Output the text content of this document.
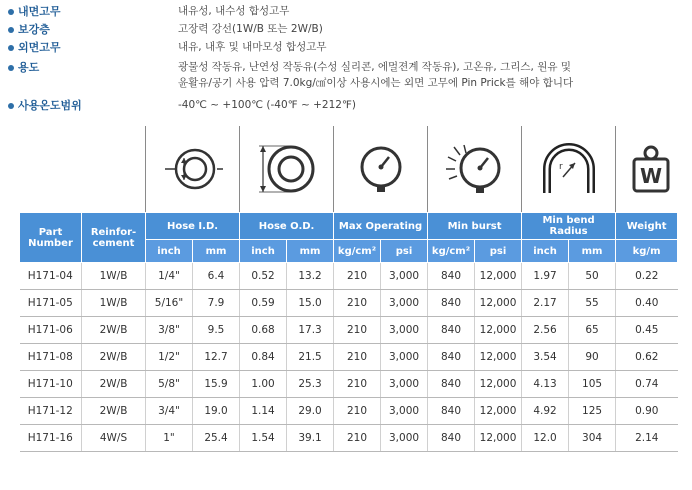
내면고무	내유성, 내수성 합성고무
보강층	고장력 강선(1W/B 또는 2W/B)
외면고무	내유, 내후 및 내마모성 합성고무
용도	광물성 작동유, 난연성 작동유(수성 실리콘, 에멀젼계 작동유), 고온유, 그리스, 원유 및
윤활유/공기 사용 압력 7.0kg/㎠이상 사용시에는 외면 고무에 Pin Prick를 해야 합니다
사용온도범위	-40℃ ~ +100℃ (-40℉ ~ +212℉)
r	W
Part Number	Reinfor-cement	Hose I.D.		Hose O.D.		Max Operating		Min burst		Min bend Radius		Weight
		inch	mm	inch	mm	kg/cm²	psi	kg/cm²	psi	inch	mm	kg/m
H171-04	1W/B	1/4"	6.4	0.52	13.2	210	3,000	840	12,000	1.97	50	0.22
H171-05	1W/B	5/16"	7.9	0.59	15.0	210	3,000	840	12,000	2.17	55	0.40
H171-06	2W/B	3/8"	9.5	0.68	17.3	210	3,000	840	12,000	2.56	65	0.45
H171-08	2W/B	1/2"	12.7	0.84	21.5	210	3,000	840	12,000	3.54	90	0.62
H171-10	2W/B	5/8"	15.9	1.00	25.3	210	3,000	840	12,000	4.13	105	0.74
H171-12	2W/B	3/4"	19.0	1.14	29.0	210	3,000	840	12,000	4.92	125	0.90
H171-16	4W/S	1"	25.4	1.54	39.1	210	3,000	840	12,000	12.0	304	2.14
